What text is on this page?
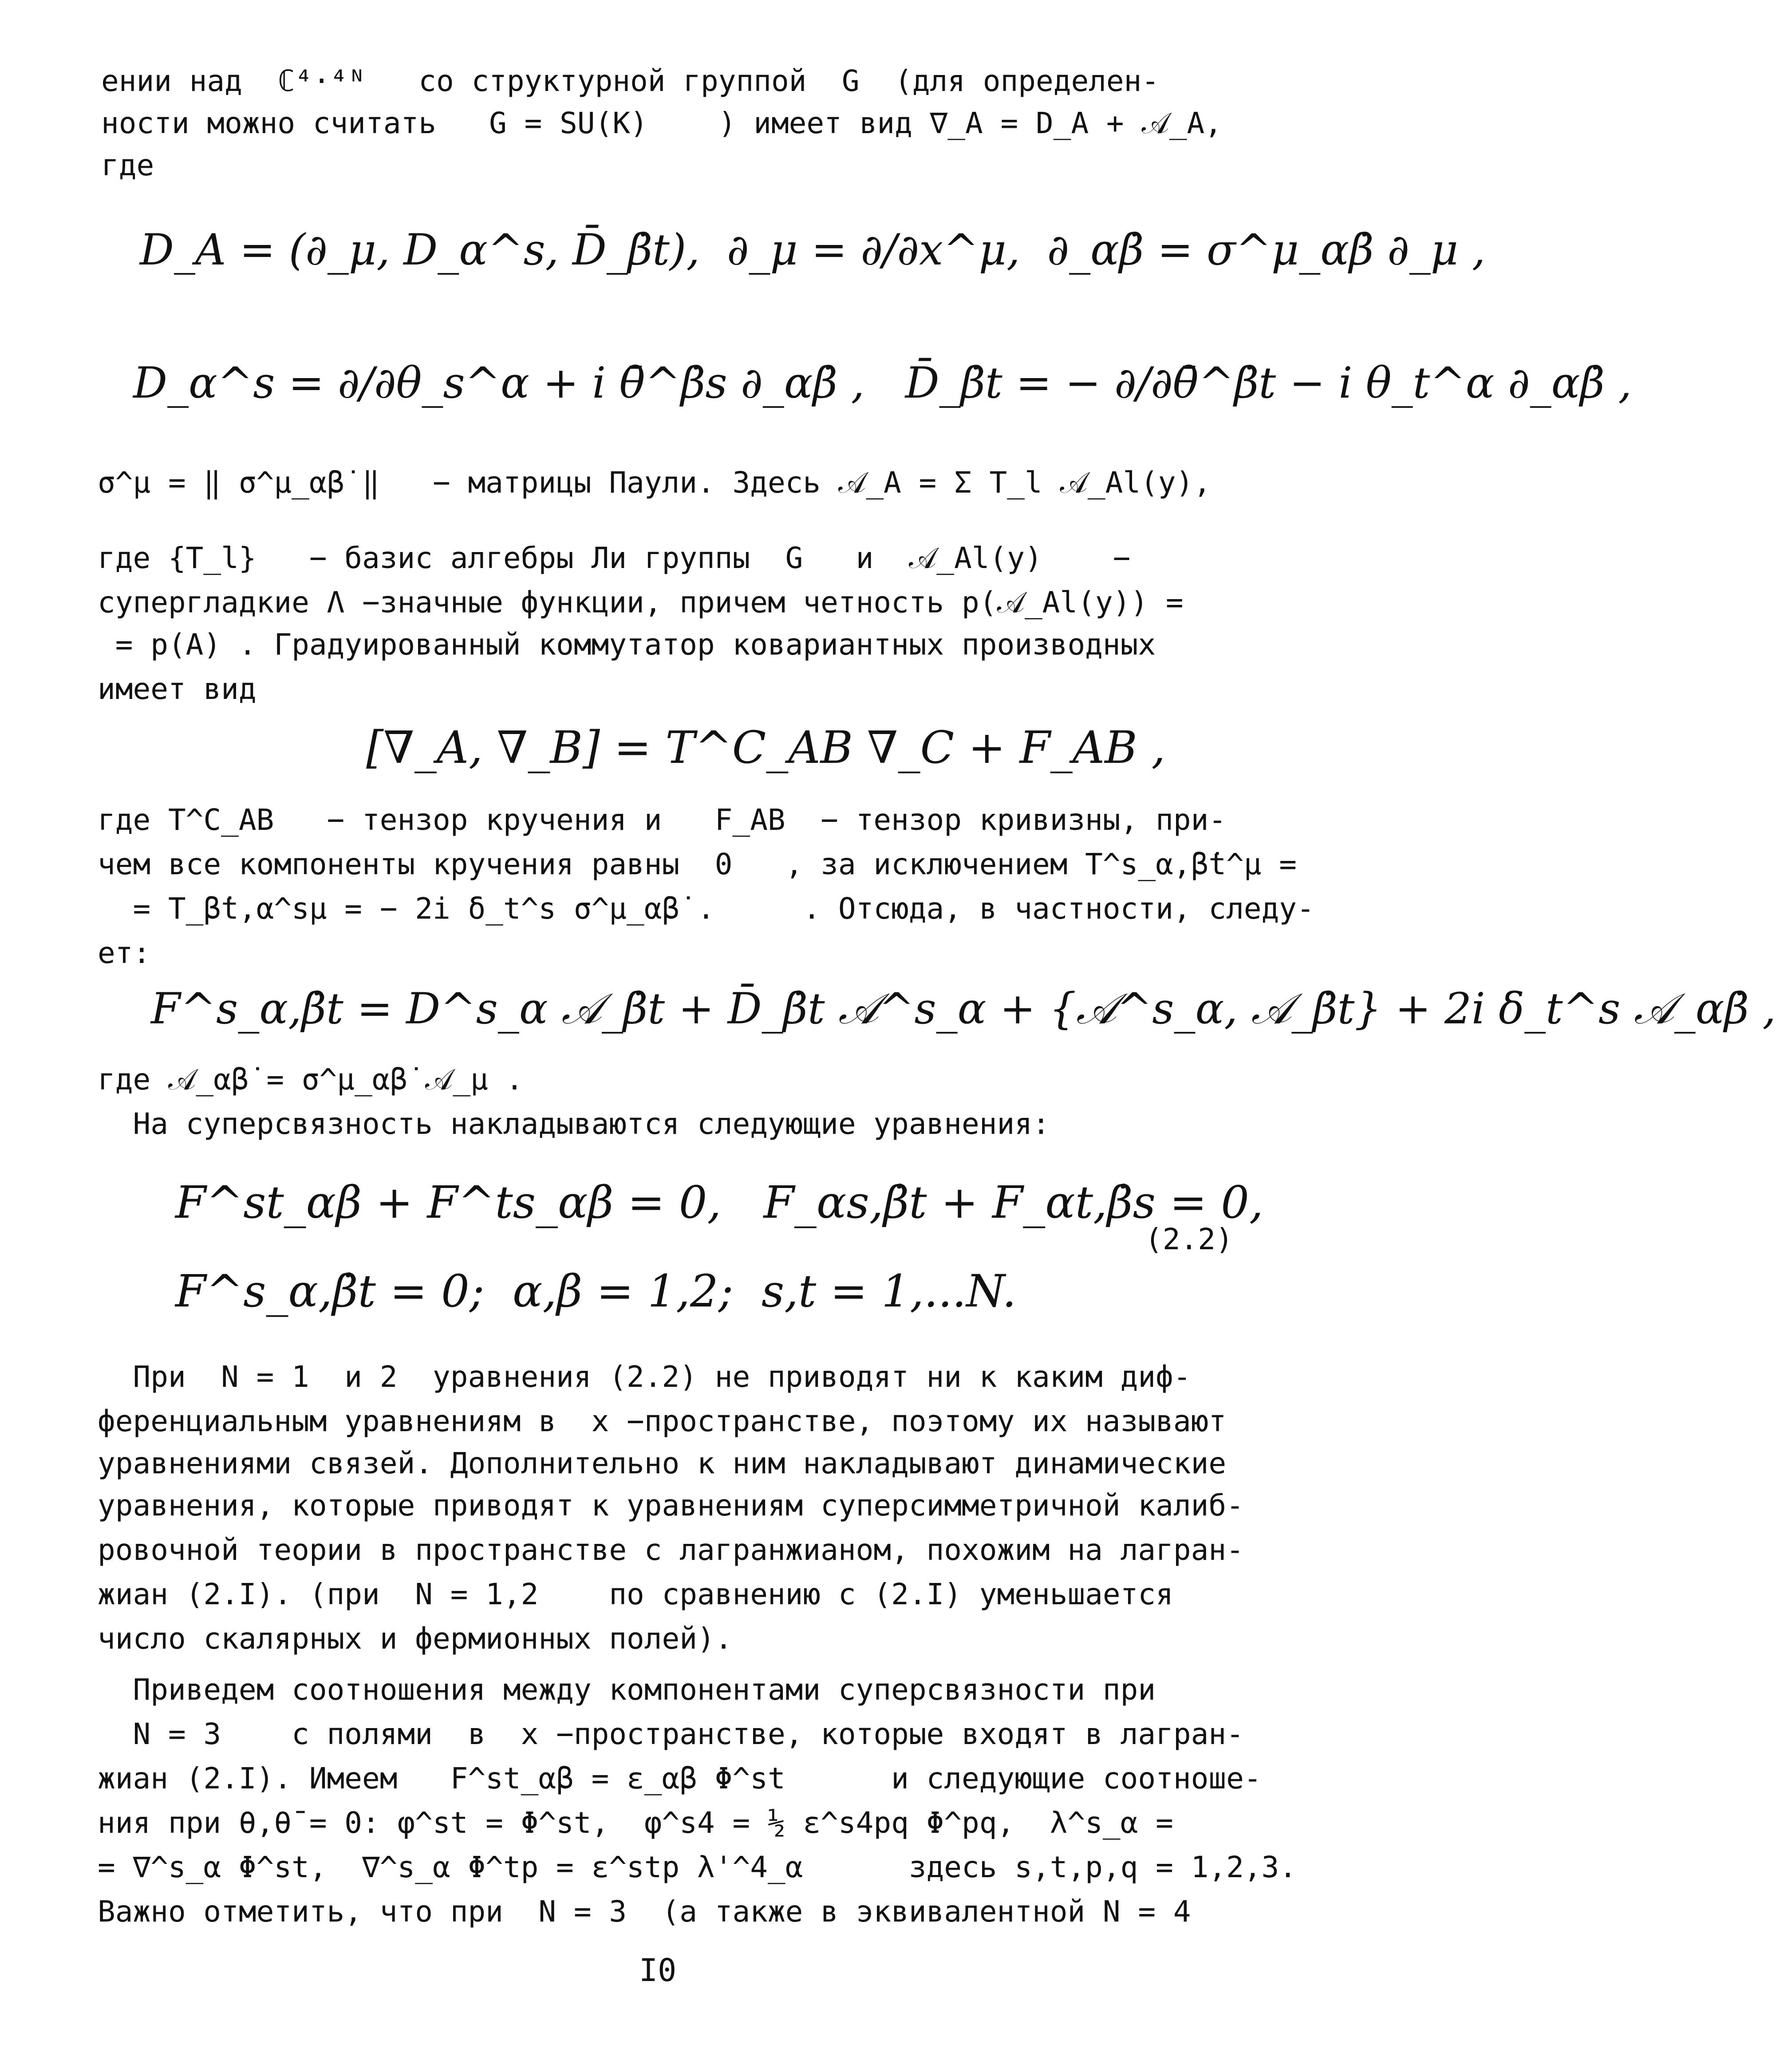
ении над  ℂ⁴·⁴ᴺ   со структурной группой  G  (для определен-
ности можно считать   G = SU(K)    ) имеет вид ∇_A = D_A + 𝒜_A,
где
D_A = (∂_μ, D_α^s, D̄_β̇t),  ∂_μ = ∂/∂x^μ,  ∂_αβ̇ = σ^μ_αβ̇ ∂_μ ,
D_α^s = ∂/∂θ_s^α + i θ̄^β̇s ∂_αβ̇ ,   D̄_β̇t = − ∂/∂θ̄^β̇t − i θ_t^α ∂_αβ̇ ,
σ^μ = ‖ σ^μ_αβ̇ ‖   − матрицы Паули. Здесь 𝒜_A = Σ T_l 𝒜_Al(y),
где {T_l}   − базис алгебры Ли группы  G   и  𝒜_Al(y)    −
супергладкие Λ −значные функции, причем четность p(𝒜_Al(y)) =
= p(A) . Градуированный коммутатор ковариантных производных
имеет вид
[∇_A, ∇_B] = T^C_AB ∇_C + F_AB ,
где T^C_AB   − тензор кручения и   F_AB  − тензор кривизны, при-
чем все компоненты кручения равны  0   , за исключением T^s_α,β̇t^μ =
= T_β̇t,α^sμ = − 2i δ_t^s σ^μ_αβ̇ .     . Отсюда, в частности, следу-
ет:
F^s_α,β̇t = D^s_α 𝒜_β̇t + D̄_β̇t 𝒜^s_α + {𝒜^s_α, 𝒜_β̇t} + 2i δ_t^s 𝒜_αβ̇ ,
где 𝒜_αβ̇ = σ^μ_αβ̇ 𝒜_μ .
На суперсвязность накладываются следующие уравнения:
F^st_αβ + F^ts_αβ = 0,   F_αs,β̇t + F_αt,β̇s = 0,
F^s_α,β̇t = 0;  α,β = 1,2;  s,t = 1,...N.
(2.2)
При  N = 1  и 2  уравнения (2.2) не приводят ни к каким диф-
ференциальным уравнениям в  x −пространстве, поэтому их называют
уравнениями связей. Дополнительно к ним накладывают динамические
уравнения, которые приводят к уравнениям суперсимметричной калиб-
ровочной теории в пространстве с лагранжианом, похожим на лагран-
жиан (2.I). (при  N = 1,2    по сравнению с (2.I) уменьшается
число скалярных и фермионных полей).
Приведем соотношения между компонентами суперсвязности при
N = 3    с полями  в  x −пространстве, которые входят в лагран-
жиан (2.I). Имеем   F^st_αβ = ε_αβ Φ^st      и следующие соотноше-
ния при θ,θ̄ = 0: φ^st = Φ^st,  φ^s4 = ½ ε^s4pq Φ^pq,  λ^s_α =
= ∇^s_α Φ^st,  ∇^s_α Φ^tp = ε^stp λ'^4_α      здесь s,t,p,q = 1,2,3.
Важно отметить, что при  N = 3  (а также в эквивалентной N = 4
I0
